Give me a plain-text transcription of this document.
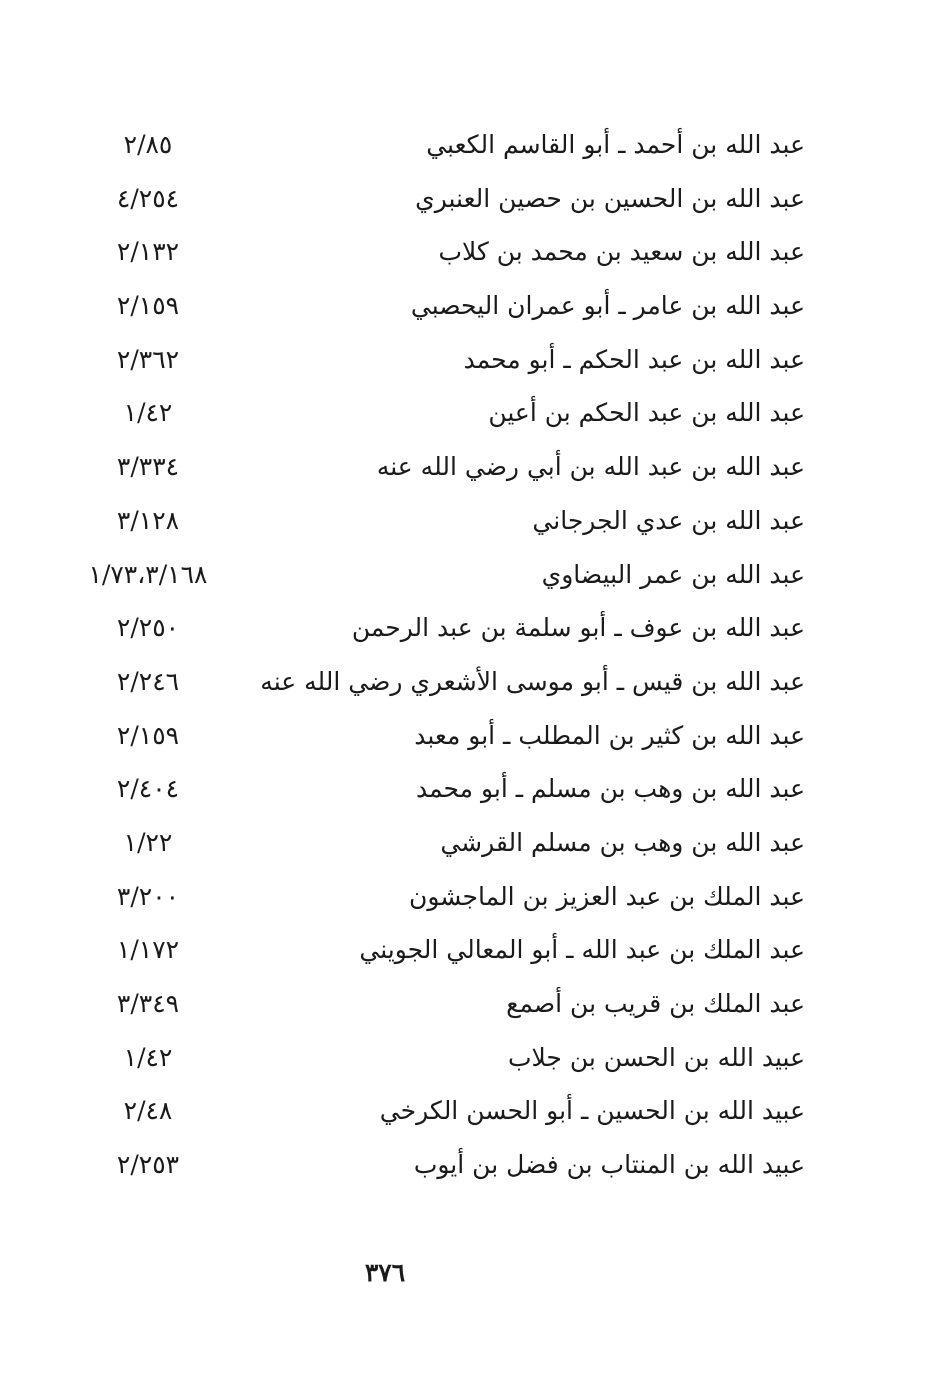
عبد الله بن أحمد ـ أبو القاسم الكعبي
٢/٨٥
عبد الله بن الحسين بن حصين العنبري
٤/٢٥٤
عبد الله بن سعيد بن محمد بن كلاب
٢/١٣٢
عبد الله بن عامر ـ أبو عمران اليحصبي
٢/١٥٩
عبد الله بن عبد الحكم ـ أبو محمد
٢/٣٦٢
عبد الله بن عبد الحكم بن أعين
١/٤٢
عبد الله بن عبد الله بن أبي رضي الله عنه
٣/٣٣٤
عبد الله بن عدي الجرجاني
٣/١٢٨
عبد الله بن عمر البيضاوي
١/٧٣،٣/١٦٨
عبد الله بن عوف ـ أبو سلمة بن عبد الرحمن
٢/٢٥٠
عبد الله بن قيس ـ أبو موسى الأشعري رضي الله عنه
٢/٢٤٦
عبد الله بن كثير بن المطلب ـ أبو معبد
٢/١٥٩
عبد الله بن وهب بن مسلم ـ أبو محمد
٢/٤٠٤
عبد الله بن وهب بن مسلم القرشي
١/٢٢
عبد الملك بن عبد العزيز بن الماجشون
٣/٢٠٠
عبد الملك بن عبد الله ـ أبو المعالي الجويني
١/١٧٢
عبد الملك بن قريب بن أصمع
٣/٣٤٩
عبيد الله بن الحسن بن جلاب
١/٤٢
عبيد الله بن الحسين ـ أبو الحسن الكرخي
٢/٤٨
عبيد الله بن المنتاب بن فضل بن أيوب
٢/٢٥٣
٣٧٦
